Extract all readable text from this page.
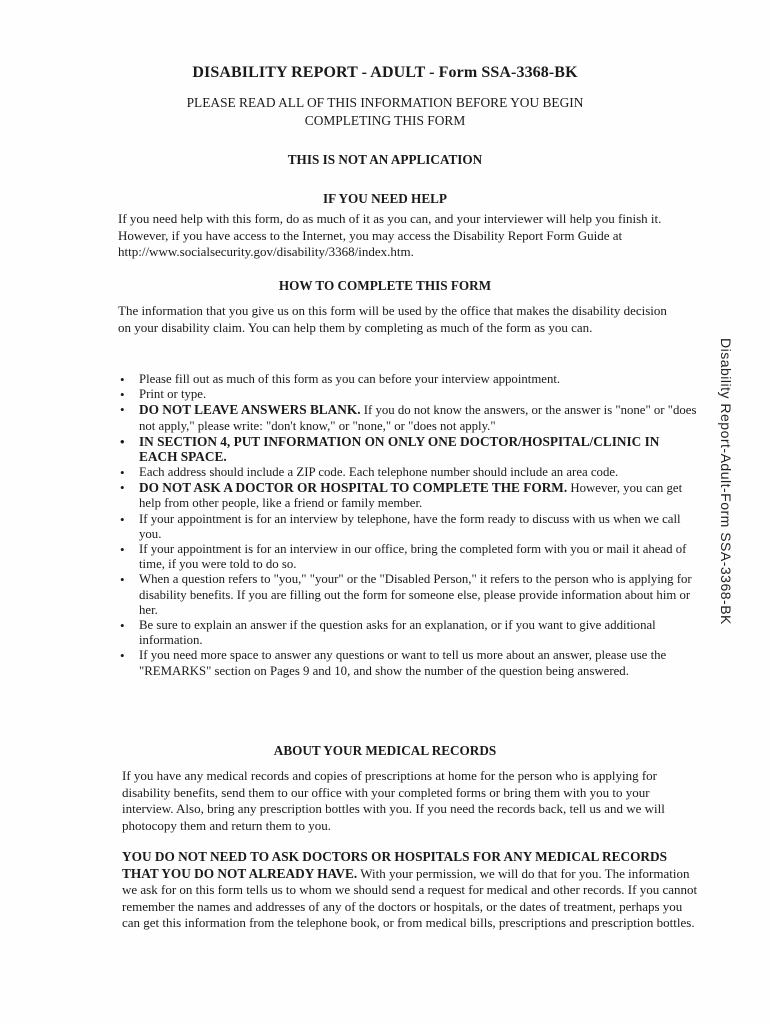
DISABILITY REPORT - ADULT - Form SSA-3368-BK
PLEASE READ ALL OF THIS INFORMATION BEFORE YOU BEGIN
COMPLETING THIS FORM
THIS IS NOT AN APPLICATION
IF YOU NEED HELP
If you need help with this form, do as much of it as you can, and your interviewer will help you finish it. However, if you have access to the Internet, you may access the Disability Report Form Guide at http://www.socialsecurity.gov/disability/3368/index.htm.
HOW TO COMPLETE THIS FORM
The information that you give us on this form will be used by the office that makes the disability decision on your disability claim. You can help them by completing as much of the form as you can.
• Please fill out as much of this form as you can before your interview appointment.
• Print or type.
• DO NOT LEAVE ANSWERS BLANK. If you do not know the answers, or the answer is "none" or "does not apply," please write: "don't know," or "none," or "does not apply."
• IN SECTION 4, PUT INFORMATION ON ONLY ONE DOCTOR/HOSPITAL/CLINIC IN EACH SPACE.
• Each address should include a ZIP code. Each telephone number should include an area code.
• DO NOT ASK A DOCTOR OR HOSPITAL TO COMPLETE THE FORM. However, you can get help from other people, like a friend or family member.
• If your appointment is for an interview by telephone, have the form ready to discuss with us when we call you.
• If your appointment is for an interview in our office, bring the completed form with you or mail it ahead of time, if you were told to do so.
• When a question refers to "you," "your" or the "Disabled Person," it refers to the person who is applying for disability benefits. If you are filling out the form for someone else, please provide information about him or her.
• Be sure to explain an answer if the question asks for an explanation, or if you want to give additional information.
• If you need more space to answer any questions or want to tell us more about an answer, please use the "REMARKS" section on Pages 9 and 10, and show the number of the question being answered.
ABOUT YOUR MEDICAL RECORDS
If you have any medical records and copies of prescriptions at home for the person who is applying for disability benefits, send them to our office with your completed forms or bring them with you to your interview. Also, bring any prescription bottles with you. If you need the records back, tell us and we will photocopy them and return them to you.
YOU DO NOT NEED TO ASK DOCTORS OR HOSPITALS FOR ANY MEDICAL RECORDS THAT YOU DO NOT ALREADY HAVE. With your permission, we will do that for you. The information we ask for on this form tells us to whom we should send a request for medical and other records. If you cannot remember the names and addresses of any of the doctors or hospitals, or the dates of treatment, perhaps you can get this information from the telephone book, or from medical bills, prescriptions and prescription bottles.
Disability Report-Adult-Form SSA-3368-BK
